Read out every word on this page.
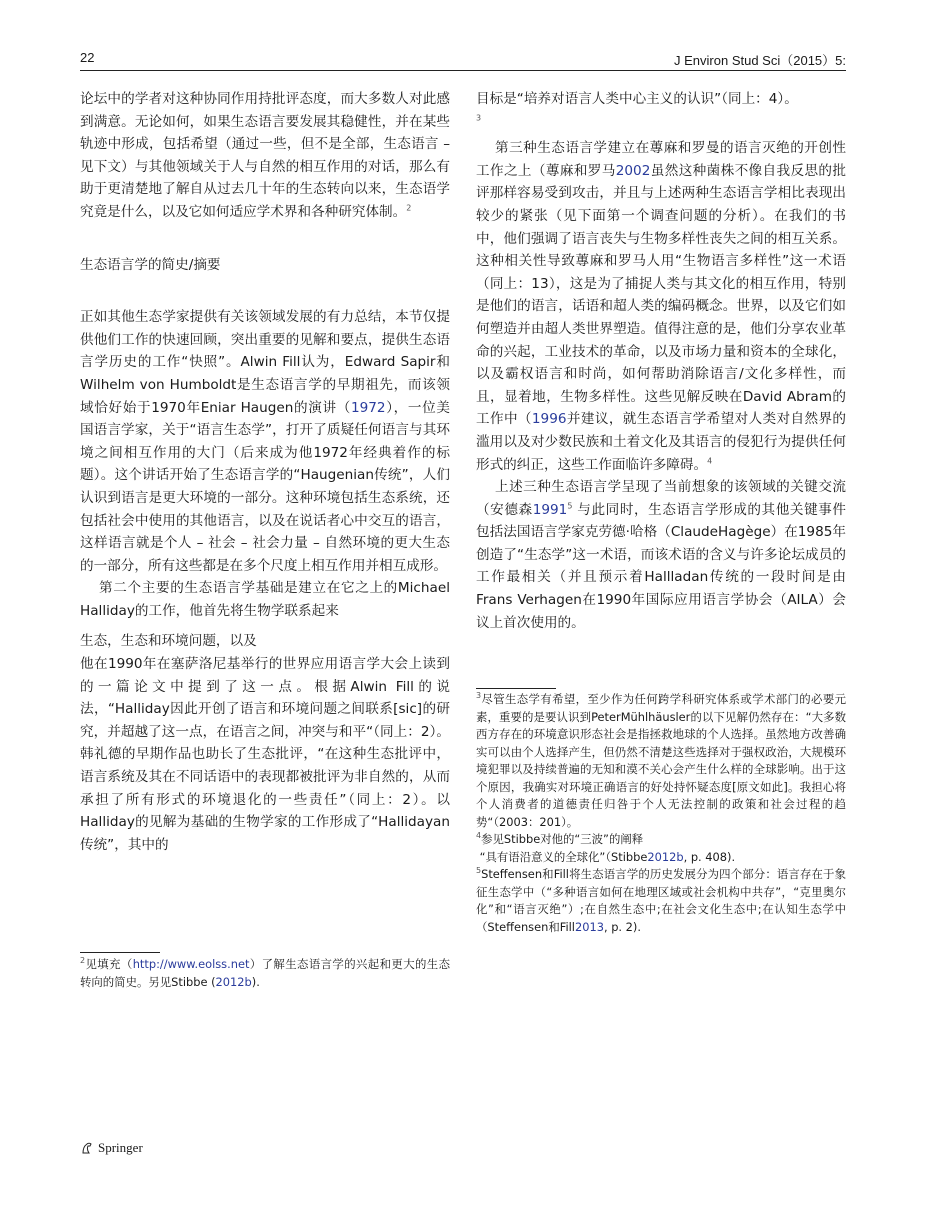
22	J Environ Stud Sci（2015）5:

论坛中的学者对这种协同作用持批评态度，而大多数人对此感到满意。无论如何，如果生态语言要发展其稳健性，并在某些轨迹中形成，包括希望（通过一些，但不是全部，生态语言 – 见下文）与其他领域关于人与自然的相互作用的对话，那么有助于更清楚地了解自从过去几十年的生态转向以来，生态语学究竟是什么，以及它如何适应学术界和各种研究体制。$^2$

生态语言学的简史/摘要

正如其他生态学家提供有关该领域发展的有力总结，本节仅提供他们工作的快速回顾，突出重要的见解和要点，提供生态语言学历史的工作“快照”。Alwin Fill认为，Edward Sapir和Wilhelm von Humboldt是生态语言学的早期祖先，而该领域恰好始于1970年Eniar Haugen的演讲（1972），一位美国语言学家，关于“语言生态学”，打开了质疑任何语言与其环境之间相互作用的大门（后来成为他1972年经典着作的标题）。这个讲话开始了生态语言学的“Haugenian传统”，人们认识到语言是更大环境的一部分。这种环境包括生态系统，还包括社会中使用的其他语言，以及在说话者心中交互的语言，这样语言就是个人 – 社会 – 社会力量 – 自然环境的更大生态的一部分，所有这些都是在多个尺度上相互作用并相互成形。

第二个主要的生态语言学基础是建立在它之上的Michael Halliday的工作，他首先将生物学联系起来

生态，生态和环境问题，以及

他在1990年在塞萨洛尼基举行的世界应用语言学大会上读到的一篇论文中提到了这一点。根据Alwin Fill的说法，“Halliday因此开创了语言和环境问题之间联系[sic]的研究，并超越了这一点，在语言之间，冲突与和平“（同上：2）。韩礼德的早期作品也助长了生态批评，“在这种生态批评中，语言系统及其在不同话语中的表现都被批评为非自然的，从而承担了所有形式的环境退化的一些责任”（同上：2）。以Halliday的见解为基础的生物学家的工作形成了“Hallidayan传统”，其中的

目标是“培养对语言人类中心主义的认识”（同上：4）。
$^3$

第三种生态语言学建立在蓴麻和罗曼的语言灭绝的开创性工作之上（蓴麻和罗马2002虽然这种菌株不像自我反思的批评那样容易受到攻击，并且与上述两种生态语言学相比表现出较少的紧张（见下面第一个调查问题的分析）。在我们的书中，他们强调了语言丧失与生物多样性丧失之间的相互关系。这种相关性导致蓴麻和罗马人用“生物语言多样性”这一术语（同上：13），这是为了捕捉人类与其文化的相互作用，特别是他们的语言，话语和超人类的编码概念。世界，以及它们如何塑造并由超人类世界塑造。值得注意的是，他们分享农业革命的兴起，工业技术的革命，以及市场力量和资本的全球化，以及霸权语言和时尚，如何帮助消除语言/文化多样性，而且，显着地，生物多样性。这些见解反映在David Abram的工作中（1996并建议，就生态语言学希望对人类对自然界的滥用以及对少数民族和土着文化及其语言的侵犯行为提供任何形式的纠正，这些工作面临许多障碍。$^4$

上述三种生态语言学呈现了当前想象的该领域的关键交流（安德森1991$^5$ 与此同时，生态语言学形成的其他关键事件包括法国语言学家克劳德·哈格（ClaudeHagège）在1985年创造了“生态学”这一术语，而该术语的含义与许多论坛成员的工作最相关（并且预示着Hallladan传统的一段时间是由Frans Verhagen在1990年国际应用语言学协会（AILA）会议上首次使用的。

$^3$尽管生态学有希望，至少作为任何跨学科研究体系或学术部门的必要元素，重要的是要认识到PeterMühlhäusler的以下见解仍然存在：“大多数西方存在的环境意识形态社会是指拯救地球的个人选择。虽然地方改善确实可以由个人选择产生，但仍然不清楚这些选择对于强权政治，大规模环境犯罪以及持续普遍的无知和漠不关心会产生什么样的全球影响。出于这个原因，我确实对环境正确语言的好处持怀疑态度[原文如此]。我担心将个人消费者的道德责任归咎于个人无法控制的政策和社会过程的趋势“（2003：201）。

$^4$参见Stibbe对他的“三波”的阐释
“具有语沿意义的全球化”（Stibbe2012b, p. 408).

$^5$Steffensen和Fill将生态语言学的历史发展分为四个部分：语言存在于象征生态学中（“多种语言如何在地理区域或社会机构中共存”，“克里奥尔化”和“语言灭绝”）;在自然生态中;在社会文化生态中;在认知生态学中（Steffensen和Fill2013, p. 2).

$^2$见填充（http://www.eolss.net）了解生态语言学的兴起和更大的生态转向的简史。另见Stibbe (2012b).

Springer
